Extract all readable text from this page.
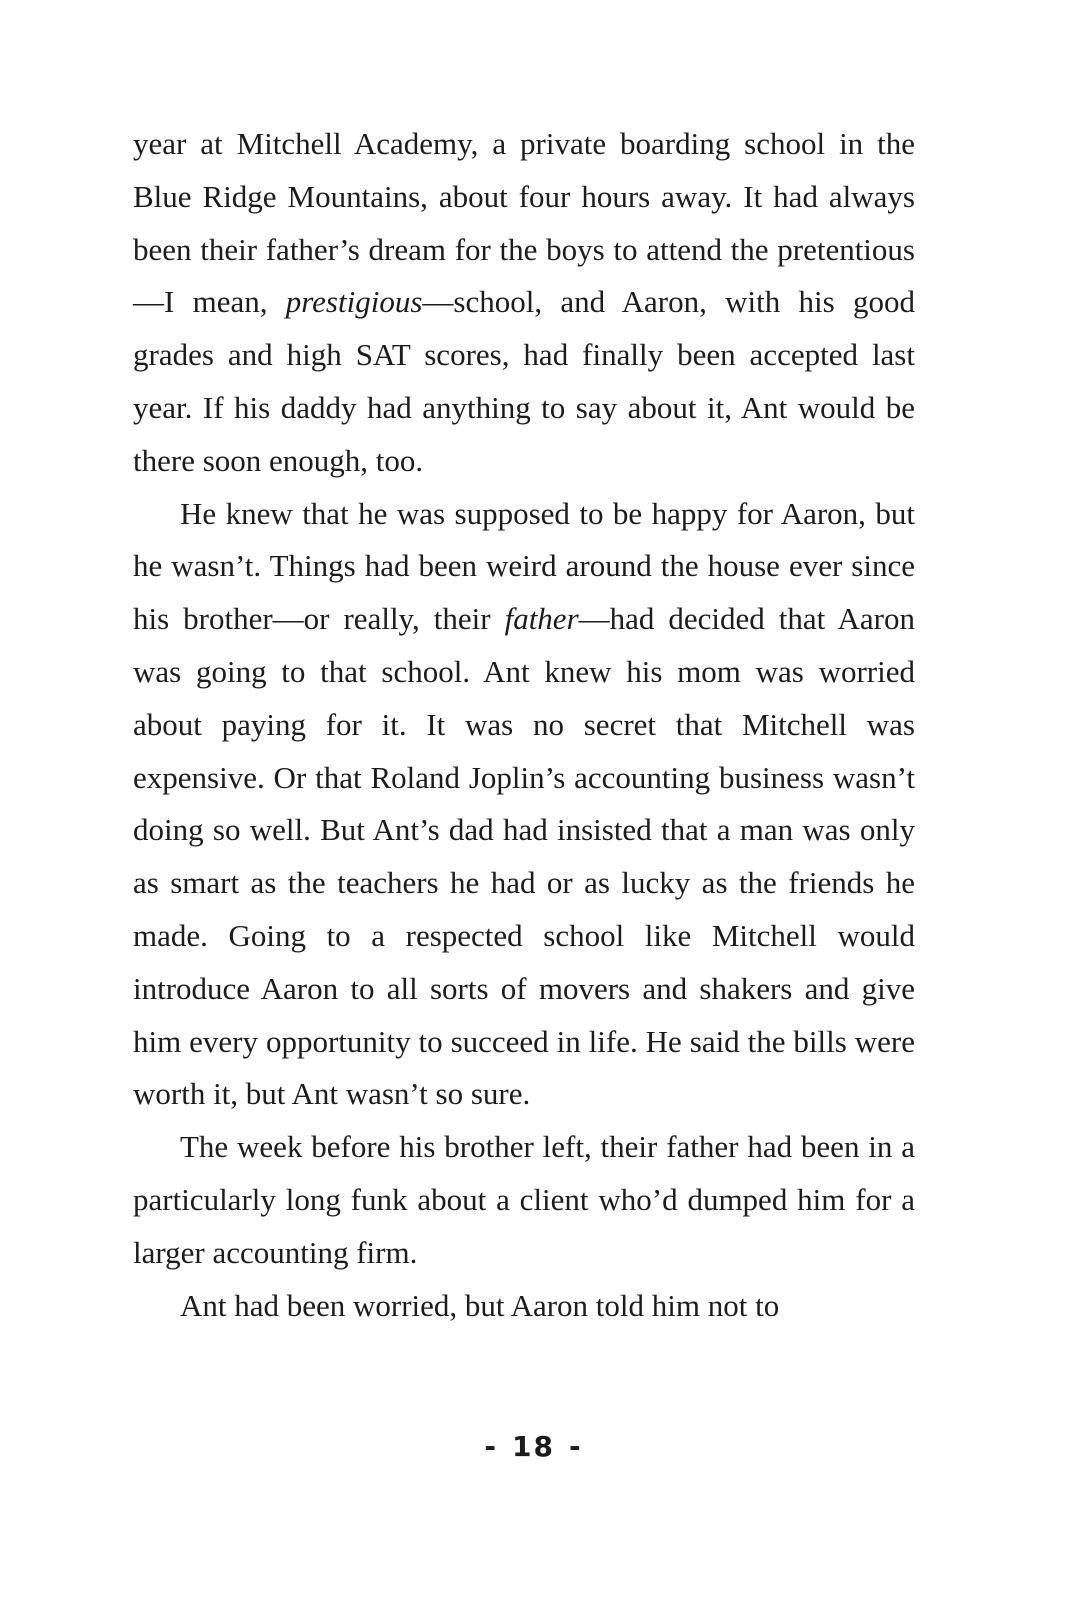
year at Mitchell Academy, a private boarding school in the Blue Ridge Mountains, about four hours away. It had always been their father’s dream for the boys to attend the pretentious—I mean, prestigious—school, and Aaron, with his good grades and high SAT scores, had finally been accepted last year. If his daddy had anything to say about it, Ant would be there soon enough, too.

He knew that he was supposed to be happy for Aaron, but he wasn’t. Things had been weird around the house ever since his brother—or really, their father—had decided that Aaron was going to that school. Ant knew his mom was worried about paying for it. It was no secret that Mitchell was expensive. Or that Roland Joplin’s accounting business wasn’t doing so well. But Ant’s dad had insisted that a man was only as smart as the teachers he had or as lucky as the friends he made. Going to a respected school like Mitchell would introduce Aaron to all sorts of movers and shakers and give him every opportunity to succeed in life. He said the bills were worth it, but Ant wasn’t so sure.

The week before his brother left, their father had been in a particularly long funk about a client who’d dumped him for a larger accounting firm.

Ant had been worried, but Aaron told him not to

- 18 -
